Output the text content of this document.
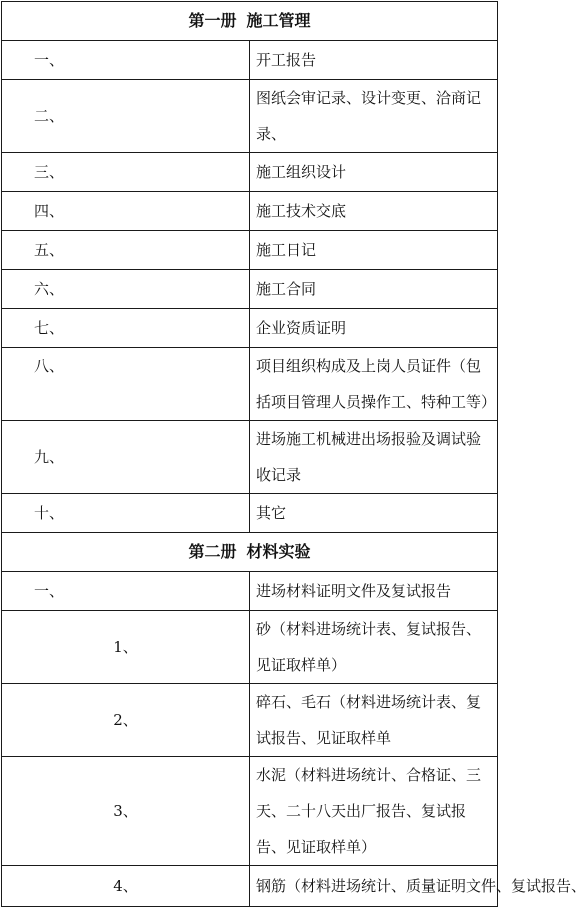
第一册 施工管理	
一、	开工报告
二、	图纸会审记录、设计变更、洽商记录、
三、	施工组织设计
四、	施工技术交底
五、	施工日记
六、	施工合同
七、	企业资质证明
八、	项目组织构成及上岗人员证件（包括项目管理人员操作工、特种工等）
九、	进场施工机械进出场报验及调试验收记录
十、	其它
第二册 材料实验	
一、	进场材料证明文件及复试报告
1、	砂（材料进场统计表、复试报告、见证取样单）
2、	碎石、毛石（材料进场统计表、复试报告、见证取样单
3、	水泥（材料进场统计、合格证、三天、二十八天出厂报告、复试报告、见证取样单）
4、	钢筋（材料进场统计、质量证明文件、复试报告、
